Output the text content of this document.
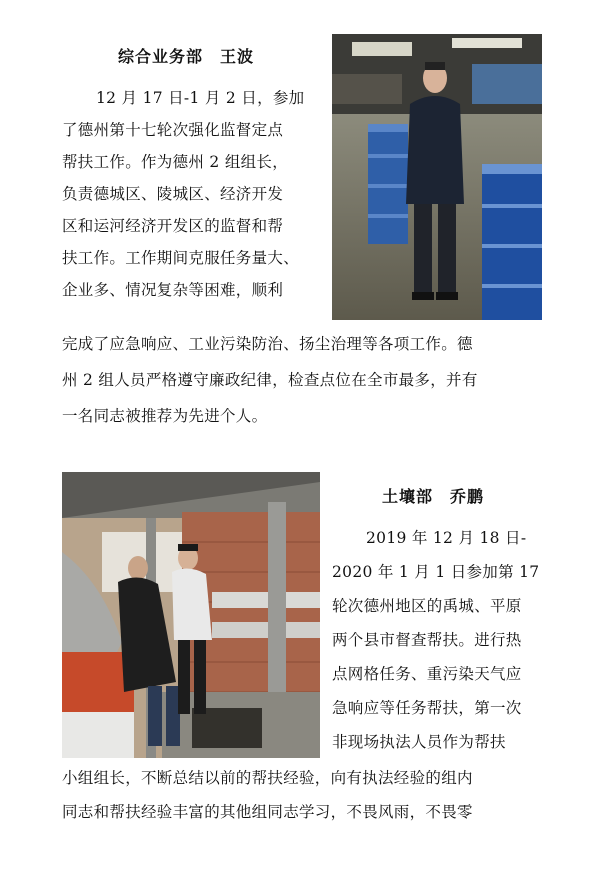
综合业务部　王波
12 月 17 日-1 月 2 日，参加
了德州第十七轮次强化监督定点
帮扶工作。作为德州 2 组组长，
负责德城区、陵城区、经济开发
区和运河经济开发区的监督和帮
扶工作。工作期间克服任务量大、
企业多、情况复杂等困难，顺利
完成了应急响应、工业污染防治、扬尘治理等各项工作。德
州 2 组人员严格遵守廉政纪律，检查点位在全市最多，并有
一名同志被推荐为先进个人。
土壤部　乔鹏
2019 年 12 月 18 日-
2020 年 1 月 1 日参加第 17
轮次德州地区的禹城、平原
两个县市督查帮扶。进行热
点网格任务、重污染天气应
急响应等任务帮扶，第一次
非现场执法人员作为帮扶
小组组长，不断总结以前的帮扶经验，向有执法经验的组内
同志和帮扶经验丰富的其他组同志学习，不畏风雨，不畏零
